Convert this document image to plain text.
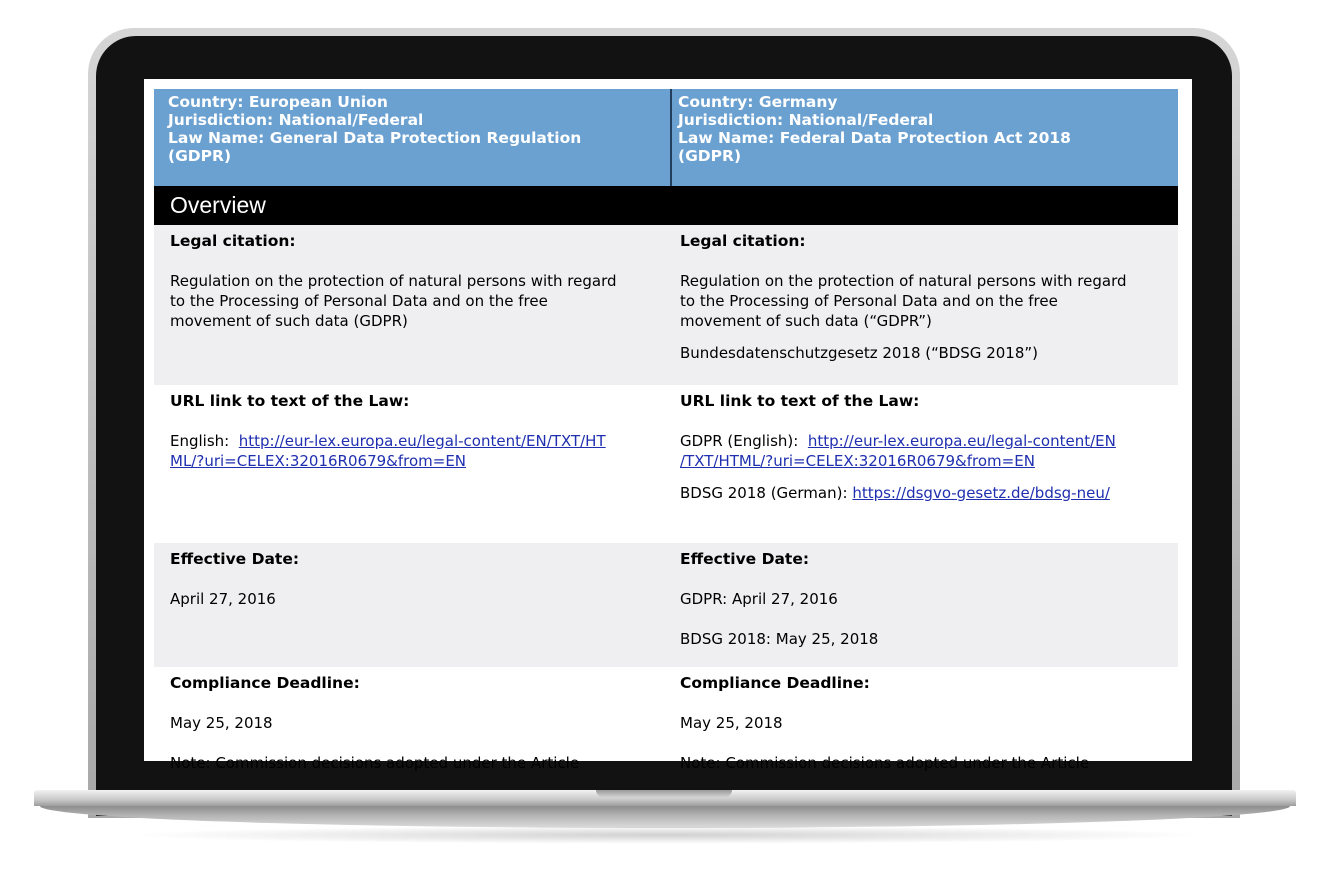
Country: European Union
Jurisdiction: National/Federal
Law Name: General Data Protection Regulation
(GDPR)
Country: Germany
Jurisdiction: National/Federal
Law Name: Federal Data Protection Act 2018
(GDPR)
Overview
Legal citation:
Regulation on the protection of natural persons with regard
to the Processing of Personal Data and on the free
movement of such data (GDPR)
Legal citation:
Regulation on the protection of natural persons with regard
to the Processing of Personal Data and on the free
movement of such data (“GDPR”)
Bundesdatenschutzgesetz 2018 (“BDSG 2018”)
URL link to text of the Law:
English: http://eur-lex.europa.eu/legal-content/EN/TXT/HT
ML/?uri=CELEX:32016R0679&from=EN
URL link to text of the Law:
GDPR (English): http://eur-lex.europa.eu/legal-content/EN
/TXT/HTML/?uri=CELEX:32016R0679&from=EN
BDSG 2018 (German): https://dsgvo-gesetz.de/bdsg-neu/
Effective Date:
April 27, 2016
Effective Date:
GDPR: April 27, 2016
BDSG 2018: May 25, 2018
Compliance Deadline:
May 25, 2018
Note: Commission decisions adopted under the Article
Compliance Deadline:
May 25, 2018
Note: Commission decisions adopted under the Article
